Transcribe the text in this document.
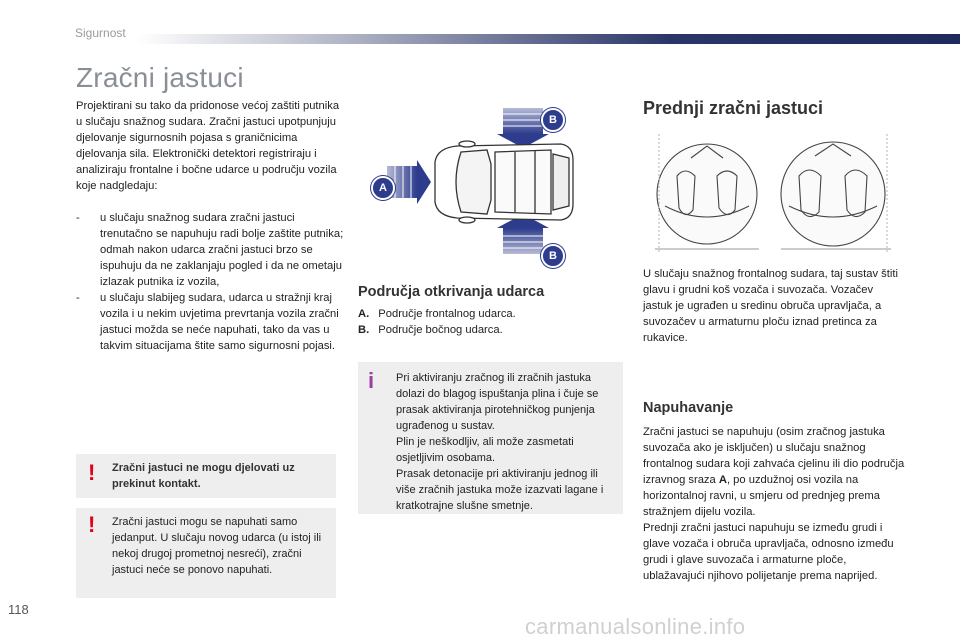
Sigurnost
Zračni jastuci
Projektirani su tako da pridonose većoj zaštiti putnika u slučaju snažnog sudara. Zračni jastuci upotpunjuju djelovanje sigurnosnih pojasa s graničnicima djelovanja sila. Elektronički detektori registriraju i analiziraju frontalne i bočne udarce u području vozila koje nadgledaju:
-	u slučaju snažnog sudara zračni jastuci trenutačno se napuhuju radi bolje zaštite putnika; odmah nakon udarca zračni jastuci brzo se ispuhuju da ne zaklanjaju pogled i da ne ometaju izlazak putnika iz vozila,
-	u slučaju slabijeg sudara, udarca u stražnji kraj vozila i u nekim uvjetima prevrtanja vozila zračni jastuci možda se neće napuhati, tako da vas u takvim situacijama štite samo sigurnosni pojasi.
! Zračni jastuci ne mogu djelovati uz prekinut kontakt.
! Zračni jastuci mogu se napuhati samo jedanput. U slučaju novog udarca (u istoj ili nekoj drugoj prometnoj nesreći), zračni jastuci neće se ponovo napuhati.
A
B
B
Područja otkrivanja udarca
A. Područje frontalnog udarca.
B. Područje bočnog udarca.
i Pri aktiviranju zračnog ili zračnih jastuka dolazi do blagog ispuštanja plina i čuje se prasak aktiviranja pirotehničkog punjenja ugrađenog u sustav.
Plin je neškodljiv, ali može zasmetati osjetljivim osobama.
Prasak detonacije pri aktiviranju jednog ili više zračnih jastuka može izazvati lagane i kratkotrajne slušne smetnje.
Prednji zračni jastuci
U slučaju snažnog frontalnog sudara, taj sustav štiti glavu i grudni koš vozača i suvozača. Vozačev jastuk je ugrađen u sredinu obruča upravljača, a suvozačev u armaturnu ploču iznad pretinca za rukavice.
Napuhavanje
Zračni jastuci se napuhuju (osim zračnog jastuka suvozača ako je isključen) u slučaju snažnog frontalnog sudara koji zahvaća cjelinu ili dio područja izravnog sraza A, po uzdužnoj osi vozila na horizontalnoj ravni, u smjeru od prednjeg prema stražnjem dijelu vozila.
Prednji zračni jastuci napuhuju se između grudi i glave vozača i obruča upravljača, odnosno između grudi i glave suvozača i armaturne ploče, ublažavajući njihovo polijetanje prema naprijed.
118
carmanualsonline.info
